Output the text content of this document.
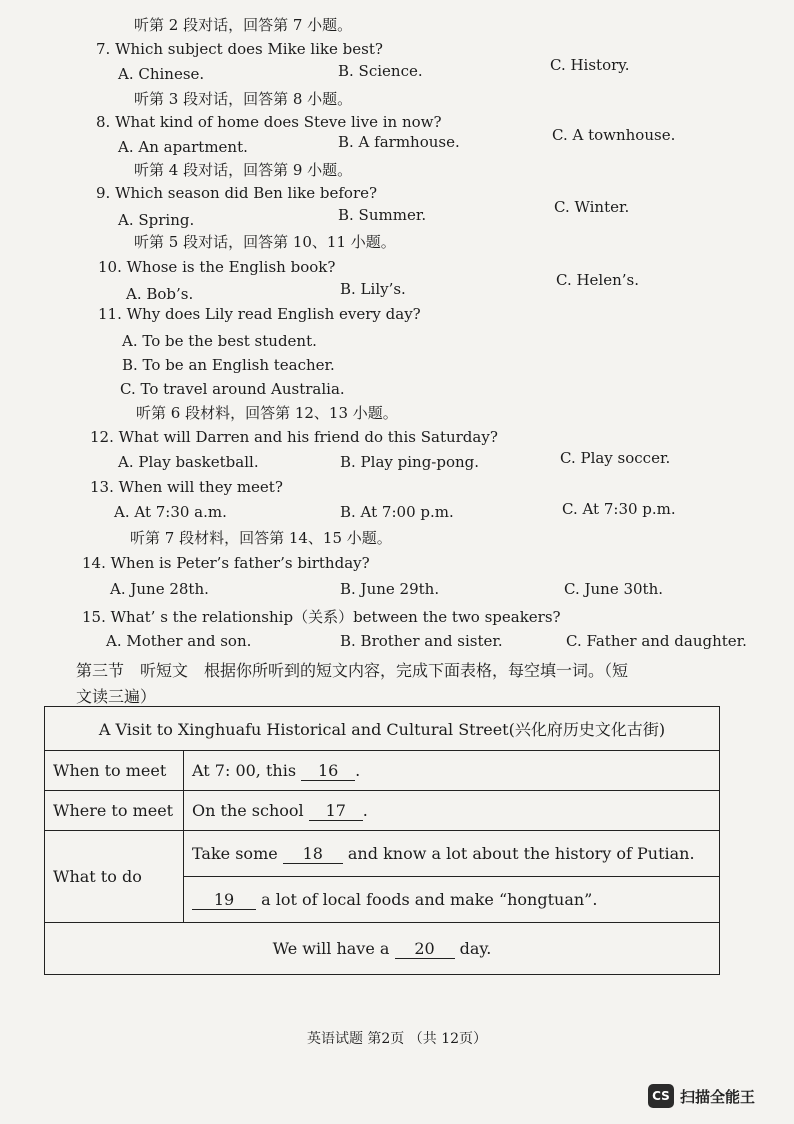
听第 2 段对话，回答第 7 小题。
7. Which subject does Mike like best?
A. Chinese.	B. Science.	C. History.
听第 3 段对话，回答第 8 小题。
8. What kind of home does Steve live in now?
A. An apartment.	B. A farmhouse.	C. A townhouse.
听第 4 段对话，回答第 9 小题。
9. Which season did Ben like before?
A. Spring.	B. Summer.	C. Winter.
听第 5 段对话，回答第 10、11 小题。
10. Whose is the English book?
A. Bob’s.	B. Lily’s.	C. Helen’s.
11. Why does Lily read English every day?
A. To be the best student.
B. To be an English teacher.
C. To travel around Australia.
听第 6 段材料，回答第 12、13 小题。
12. What will Darren and his friend do this Saturday?
A. Play basketball.	B. Play ping-pong.	C. Play soccer.
13. When will they meet?
A. At 7:30 a.m.	B. At 7:00 p.m.	C. At 7:30 p.m.
听第 7 段材料，回答第 14、15 小题。
14. When is Peter’s father’s birthday?
A. June 28th.	B. June 29th.	C. June 30th.
15. What’ s the relationship（关系）between the two speakers?
A. Mother and son.	B. Brother and sister.	C. Father and daughter.
第三节　听短文　根据你所听到的短文内容，完成下面表格，每空填一词。（短
文读三遍）
A Visit to Xinghuafu Historical and Cultural Street(兴化府历史文化古街)	
When to meet	At 7: 00, this 16 .
Where to meet	On the school 17 .
What to do	Take some 18 and know a lot about the history of Putian.
	19 a lot of local foods and make “hongtuan”.
We will have a 20 day.	
英语试题 第2页 （共 12页）
CS 扫描全能王
